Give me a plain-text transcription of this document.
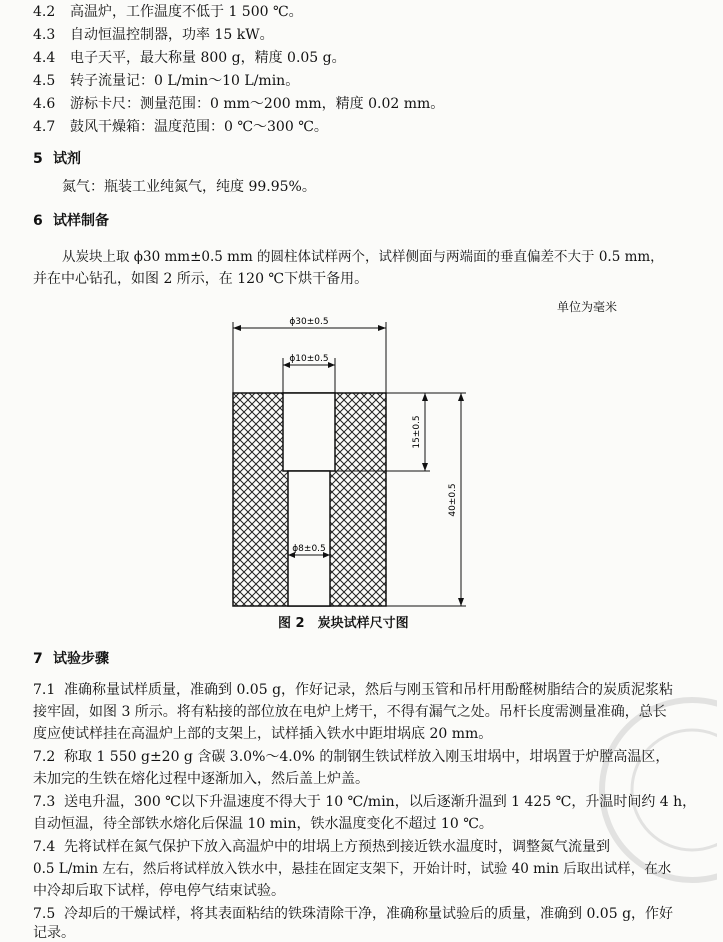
4.2 高温炉，工作温度不低于 1 500 ℃。
4.3 自动恒温控制器，功率 15 kW。
4.4 电子天平，最大称量 800 g，精度 0.05 g。
4.5 转子流量记：0 L/min～10 L/min。
4.6 游标卡尺：测量范围：0 mm～200 mm，精度 0.02 mm。
4.7 鼓风干燥箱：温度范围：0 ℃～300 ℃。
5 试剂
氮气：瓶装工业纯氮气，纯度 99.95%。
6 试样制备
从炭块上取 ϕ30 mm±0.5 mm 的圆柱体试样两个，试样侧面与两端面的垂直偏差不大于 0.5 mm，
并在中心钻孔，如图 2 所示，在 120 ℃下烘干备用。
单位为毫米
ϕ30±0.5
ϕ10±0.5
ϕ8±0.5
15±0.5
40±0.5
图 2　炭块试样尺寸图
7 试验步骤
7.1 准确称量试样质量，准确到 0.05 g，作好记录，然后与刚玉管和吊杆用酚醛树脂结合的炭质泥浆粘
接牢固，如图 3 所示。将有粘接的部位放在电炉上烤干，不得有漏气之处。吊杆长度需测量准确，总长
度应使试样挂在高温炉上部的支架上，试样插入铁水中距坩埚底 20 mm。
7.2 称取 1 550 g±20 g 含碳 3.0%～4.0% 的制钢生铁试样放入刚玉坩埚中，坩埚置于炉膛高温区，
未加完的生铁在熔化过程中逐渐加入，然后盖上炉盖。
7.3 送电升温，300 ℃以下升温速度不得大于 10 ℃/min，以后逐渐升温到 1 425 ℃，升温时间约 4 h，
自动恒温，待全部铁水熔化后保温 10 min，铁水温度变化不超过 10 ℃。
7.4 先将试样在氮气保护下放入高温炉中的坩埚上方预热到接近铁水温度时，调整氮气流量到
0.5 L/min 左右，然后将试样放入铁水中，悬挂在固定支架下，开始计时，试验 40 min 后取出试样，在水
中冷却后取下试样，停电停气结束试验。
7.5 冷却后的干燥试样，将其表面粘结的铁珠清除干净，准确称量试验后的质量，准确到 0.05 g，作好
记录。
